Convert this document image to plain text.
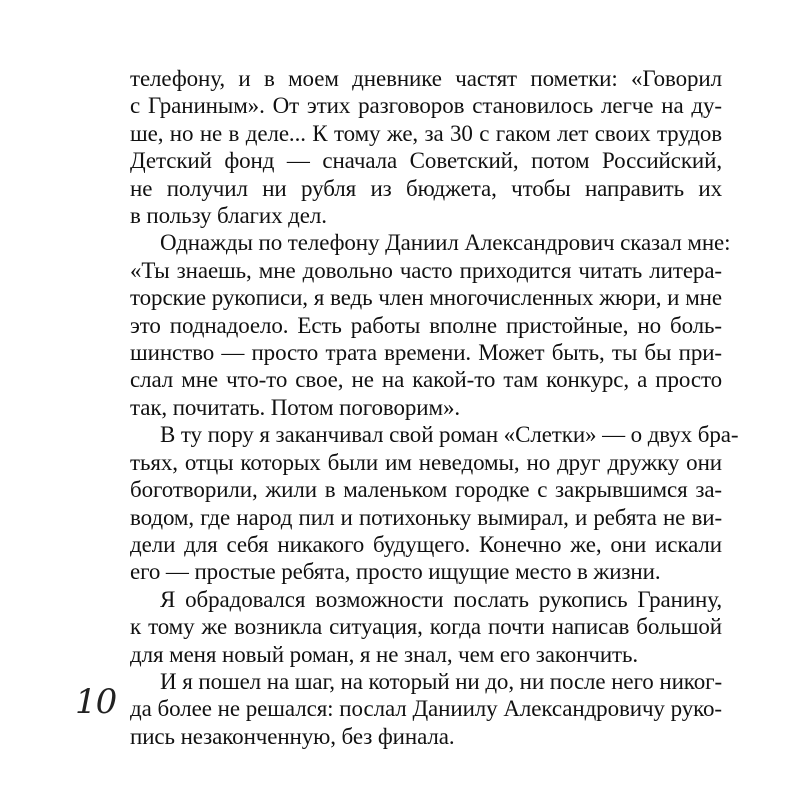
телефону, и в моем дневнике частят пометки: «Говорил
с Граниным». От этих разговоров становилось легче на ду-
ше, но не в деле... К тому же, за 30 с гаком лет своих трудов
Детский фонд — сначала Советский, потом Российский,
не получил ни рубля из бюджета, чтобы направить их
в пользу благих дел.

Однажды по телефону Даниил Александрович сказал мне:
«Ты знаешь, мне довольно часто приходится читать литера-
торские рукописи, я ведь член многочисленных жюри, и мне
это поднадоело. Есть работы вполне пристойные, но боль-
шинство — просто трата времени. Может быть, ты бы при-
слал мне что-то свое, не на какой-то там конкурс, а просто
так, почитать. Потом поговорим».

В ту пору я заканчивал свой роман «Слетки» — о двух бра-
тьях, отцы которых были им неведомы, но друг дружку они
боготворили, жили в маленьком городке с закрывшимся за-
водом, где народ пил и потихоньку вымирал, и ребята не ви-
дели для себя никакого будущего. Конечно же, они искали
его — простые ребята, просто ищущие место в жизни.

Я обрадовался возможности послать рукопись Гранину,
к тому же возникла ситуация, когда почти написав большой
для меня новый роман, я не знал, чем его закончить.

И я пошел на шаг, на который ни до, ни после него никог-
да более не решался: послал Даниилу Александровичу руко-
пись незаконченную, без финала.

10
